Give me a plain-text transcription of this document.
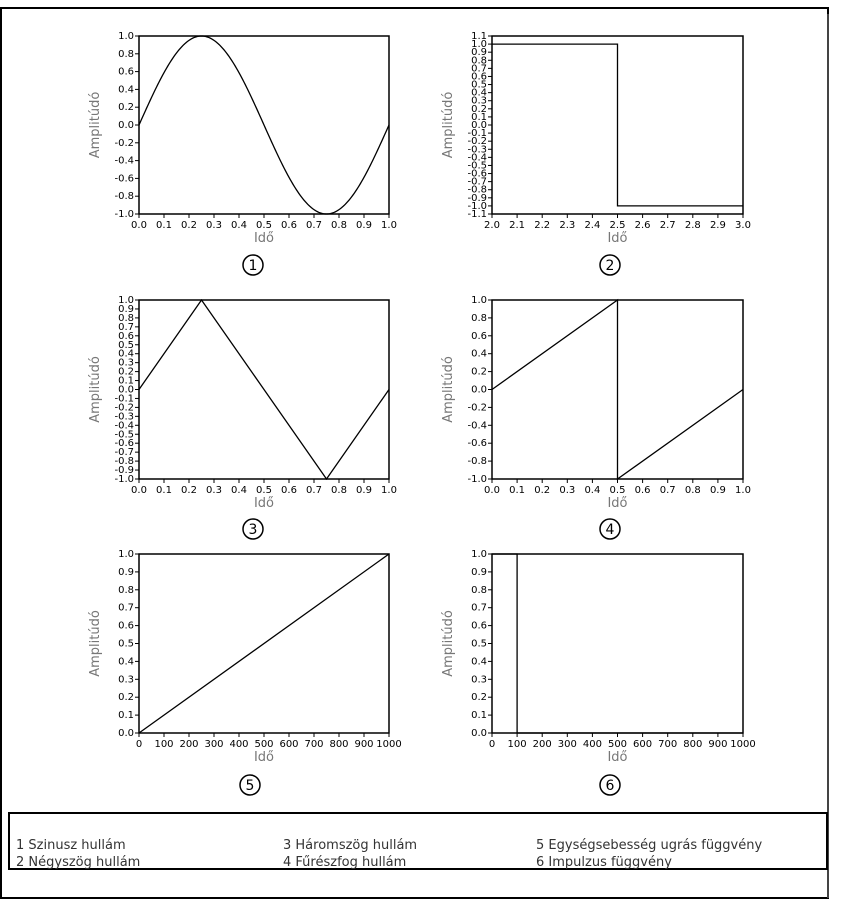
1 Szinusz hullám
2 Négyszög hullám
3 Háromszög hullám
4 Fűrészfog hullám
5 Egységsebesség ugrás függvény
6 Impulzus függvény
0.0 0.1 0.2 0.3 0.4 0.5 0.6 0.7 0.8 0.9 1.0
-1.0
-0.8
-0.6
-0.4
-0.2
0.0
0.2
0.4
0.6
0.8
1.0
Idő
Amplitúdó
1
2.0 2.1 2.2 2.3 2.4 2.5 2.6 2.7 2.8 2.9 3.0
-1.1
-1.0
-0.9
-0.8
-0.7
-0.6
-0.5
-0.4
-0.3
-0.2
-0.1
0.0
0.1
0.2
0.3
0.4
0.5
0.6
0.7
0.8
0.9
1.0
1.1
Idő
Amplitúdó
2
0.0 0.1 0.2 0.3 0.4 0.5 0.6 0.7 0.8 0.9 1.0
-1.0
-0.9
-0.8
-0.7
-0.6
-0.5
-0.4
-0.3
-0.2
-0.1
0.0
0.1
0.2
0.3
0.4
0.5
0.6
0.7
0.8
0.9
1.0
Idő
Amplitúdó
3
0.0 0.1 0.2 0.3 0.4 0.5 0.6 0.7 0.8 0.9 1.0
-1.0
-0.8
-0.6
-0.4
-0.2
0.0
0.2
0.4
0.6
0.8
1.0
Idő
Amplitúdó
4
0 100 200 300 400 500 600 700 800 900 1000
0.0
0.1
0.2
0.3
0.4
0.5
0.6
0.7
0.8
0.9
1.0
Idő
Amplitúdó
5
0 100 200 300 400 500 600 700 800 900 1000
0.0
0.1
0.2
0.3
0.4
0.5
0.6
0.7
0.8
0.9
1.0
Idő
Amplitúdó
6
